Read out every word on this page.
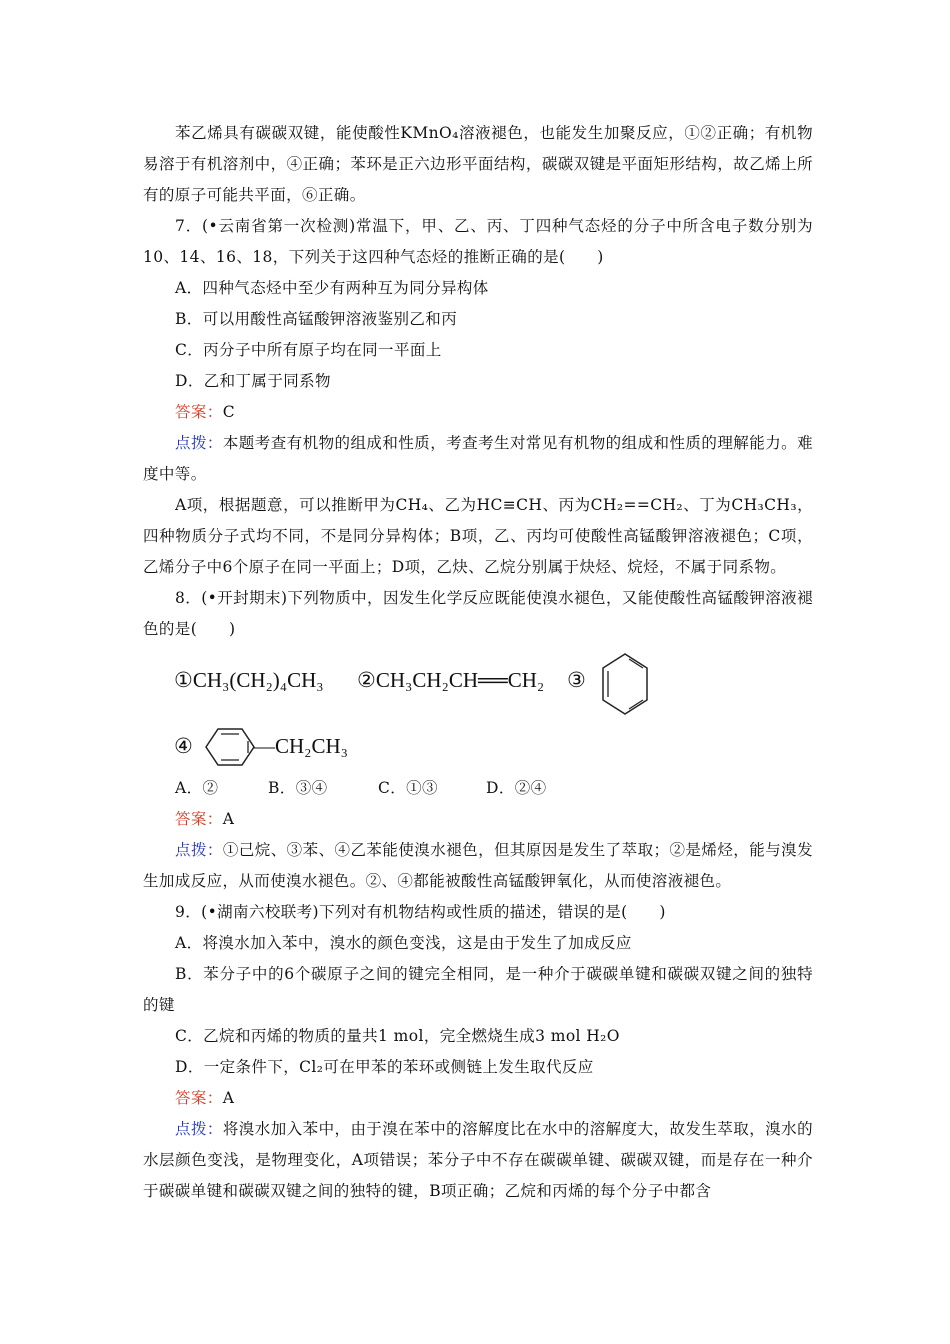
苯乙烯具有碳碳双键，能使酸性KMnO₄溶液褪色，也能发生加聚反应，①②正确；有机物易溶于有机溶剂中，④正确；苯环是正六边形平面结构，碳碳双键是平面矩形结构，故乙烯上所有的原子可能共平面，⑥正确。
7．(•云南省第一次检测)常温下，甲、乙、丙、丁四种气态烃的分子中所含电子数分别为10、14、16、18，下列关于这四种气态烃的推断正确的是(　　)
A．四种气态烃中至少有两种互为同分异构体
B．可以用酸性高锰酸钾溶液鉴别乙和丙
C．丙分子中所有原子均在同一平面上
D．乙和丁属于同系物
答案：C
点拨：本题考查有机物的组成和性质，考查考生对常见有机物的组成和性质的理解能力。难度中等。
A项，根据题意，可以推断甲为CH₄、乙为HC≡CH、丙为CH₂==CH₂、丁为CH₃CH₃，四种物质分子式均不同，不是同分异构体；B项，乙、丙均可使酸性高锰酸钾溶液褪色；C项，乙烯分子中6个原子在同一平面上；D项，乙炔、乙烷分别属于炔烃、烷烃，不属于同系物。
8．(•开封期末)下列物质中，因发生化学反应既能使溴水褪色，又能使酸性高锰酸钾溶液褪色的是(　　)
①CH₃(CH₂)₄CH₃ ②CH₃CH₂CH══CH₂ ③
④	—CH₂CH₃
A．②	B．③④	C．①③	D．②④
答案：A
点拨：①己烷、③苯、④乙苯能使溴水褪色，但其原因是发生了萃取；②是烯烃，能与溴发生加成反应，从而使溴水褪色。②、④都能被酸性高锰酸钾氧化，从而使溶液褪色。
9．(•湖南六校联考)下列对有机物结构或性质的描述，错误的是(　　)
A．将溴水加入苯中，溴水的颜色变浅，这是由于发生了加成反应
B．苯分子中的6个碳原子之间的键完全相同，是一种介于碳碳单键和碳碳双键之间的独特的键
C．乙烷和丙烯的物质的量共1 mol，完全燃烧生成3 mol H₂O
D．一定条件下，Cl₂可在甲苯的苯环或侧链上发生取代反应
答案：A
点拨：将溴水加入苯中，由于溴在苯中的溶解度比在水中的溶解度大，故发生萃取，溴水的水层颜色变浅，是物理变化，A项错误；苯分子中不存在碳碳单键、碳碳双键，而是存在一种介于碳碳单键和碳碳双键之间的独特的键，B项正确；乙烷和丙烯的每个分子中都含
